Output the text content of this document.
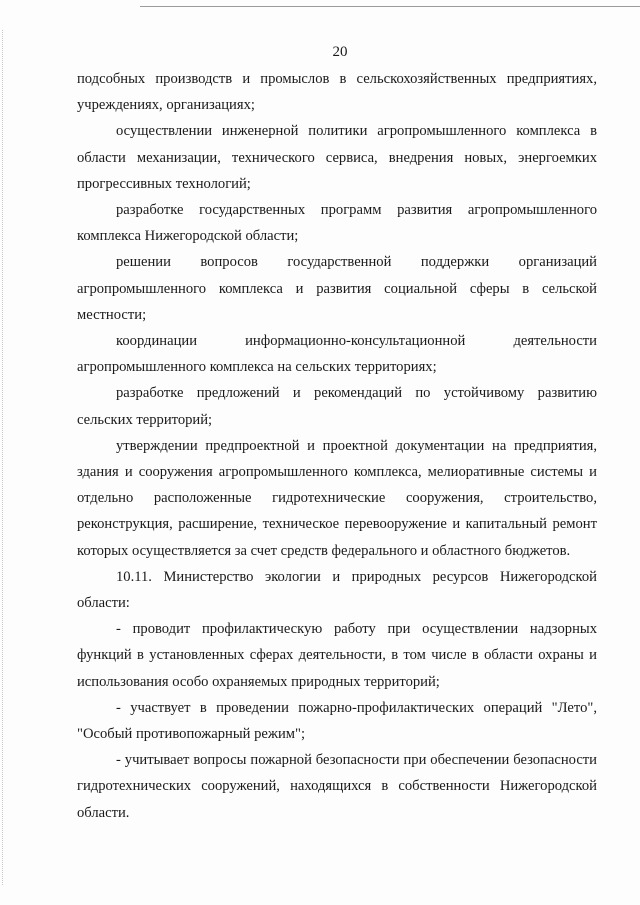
20

подсобных производств и промыслов в сельскохозяйственных предприятиях, учреждениях, организациях;

осуществлении инженерной политики агропромышленного комплекса в области механизации, технического сервиса, внедрения новых, энергоемких прогрессивных технологий;

разработке государственных программ развития агропромышленного комплекса Нижегородской области;

решении вопросов государственной поддержки организаций агропромышленного комплекса и развития социальной сферы в сельской местности;

координации информационно-консультационной деятельности агропромышленного комплекса на сельских территориях;

разработке предложений и рекомендаций по устойчивому развитию сельских территорий;

утверждении предпроектной и проектной документации на предприятия, здания и сооружения агропромышленного комплекса, мелиоративные системы и отдельно расположенные гидротехнические сооружения, строительство, реконструкция, расширение, техническое перевооружение и капитальный ремонт которых осуществляется за счет средств федерального и областного бюджетов.

10.11. Министерство экологии и природных ресурсов Нижегородской области:

- проводит профилактическую работу при осуществлении надзорных функций в установленных сферах деятельности, в том числе в области охраны и использования особо охраняемых природных территорий;

- участвует в проведении пожарно-профилактических операций "Лето", "Особый противопожарный режим";

- учитывает вопросы пожарной безопасности при обеспечении безопасности гидротехнических сооружений, находящихся в собственности Нижегородской области.
